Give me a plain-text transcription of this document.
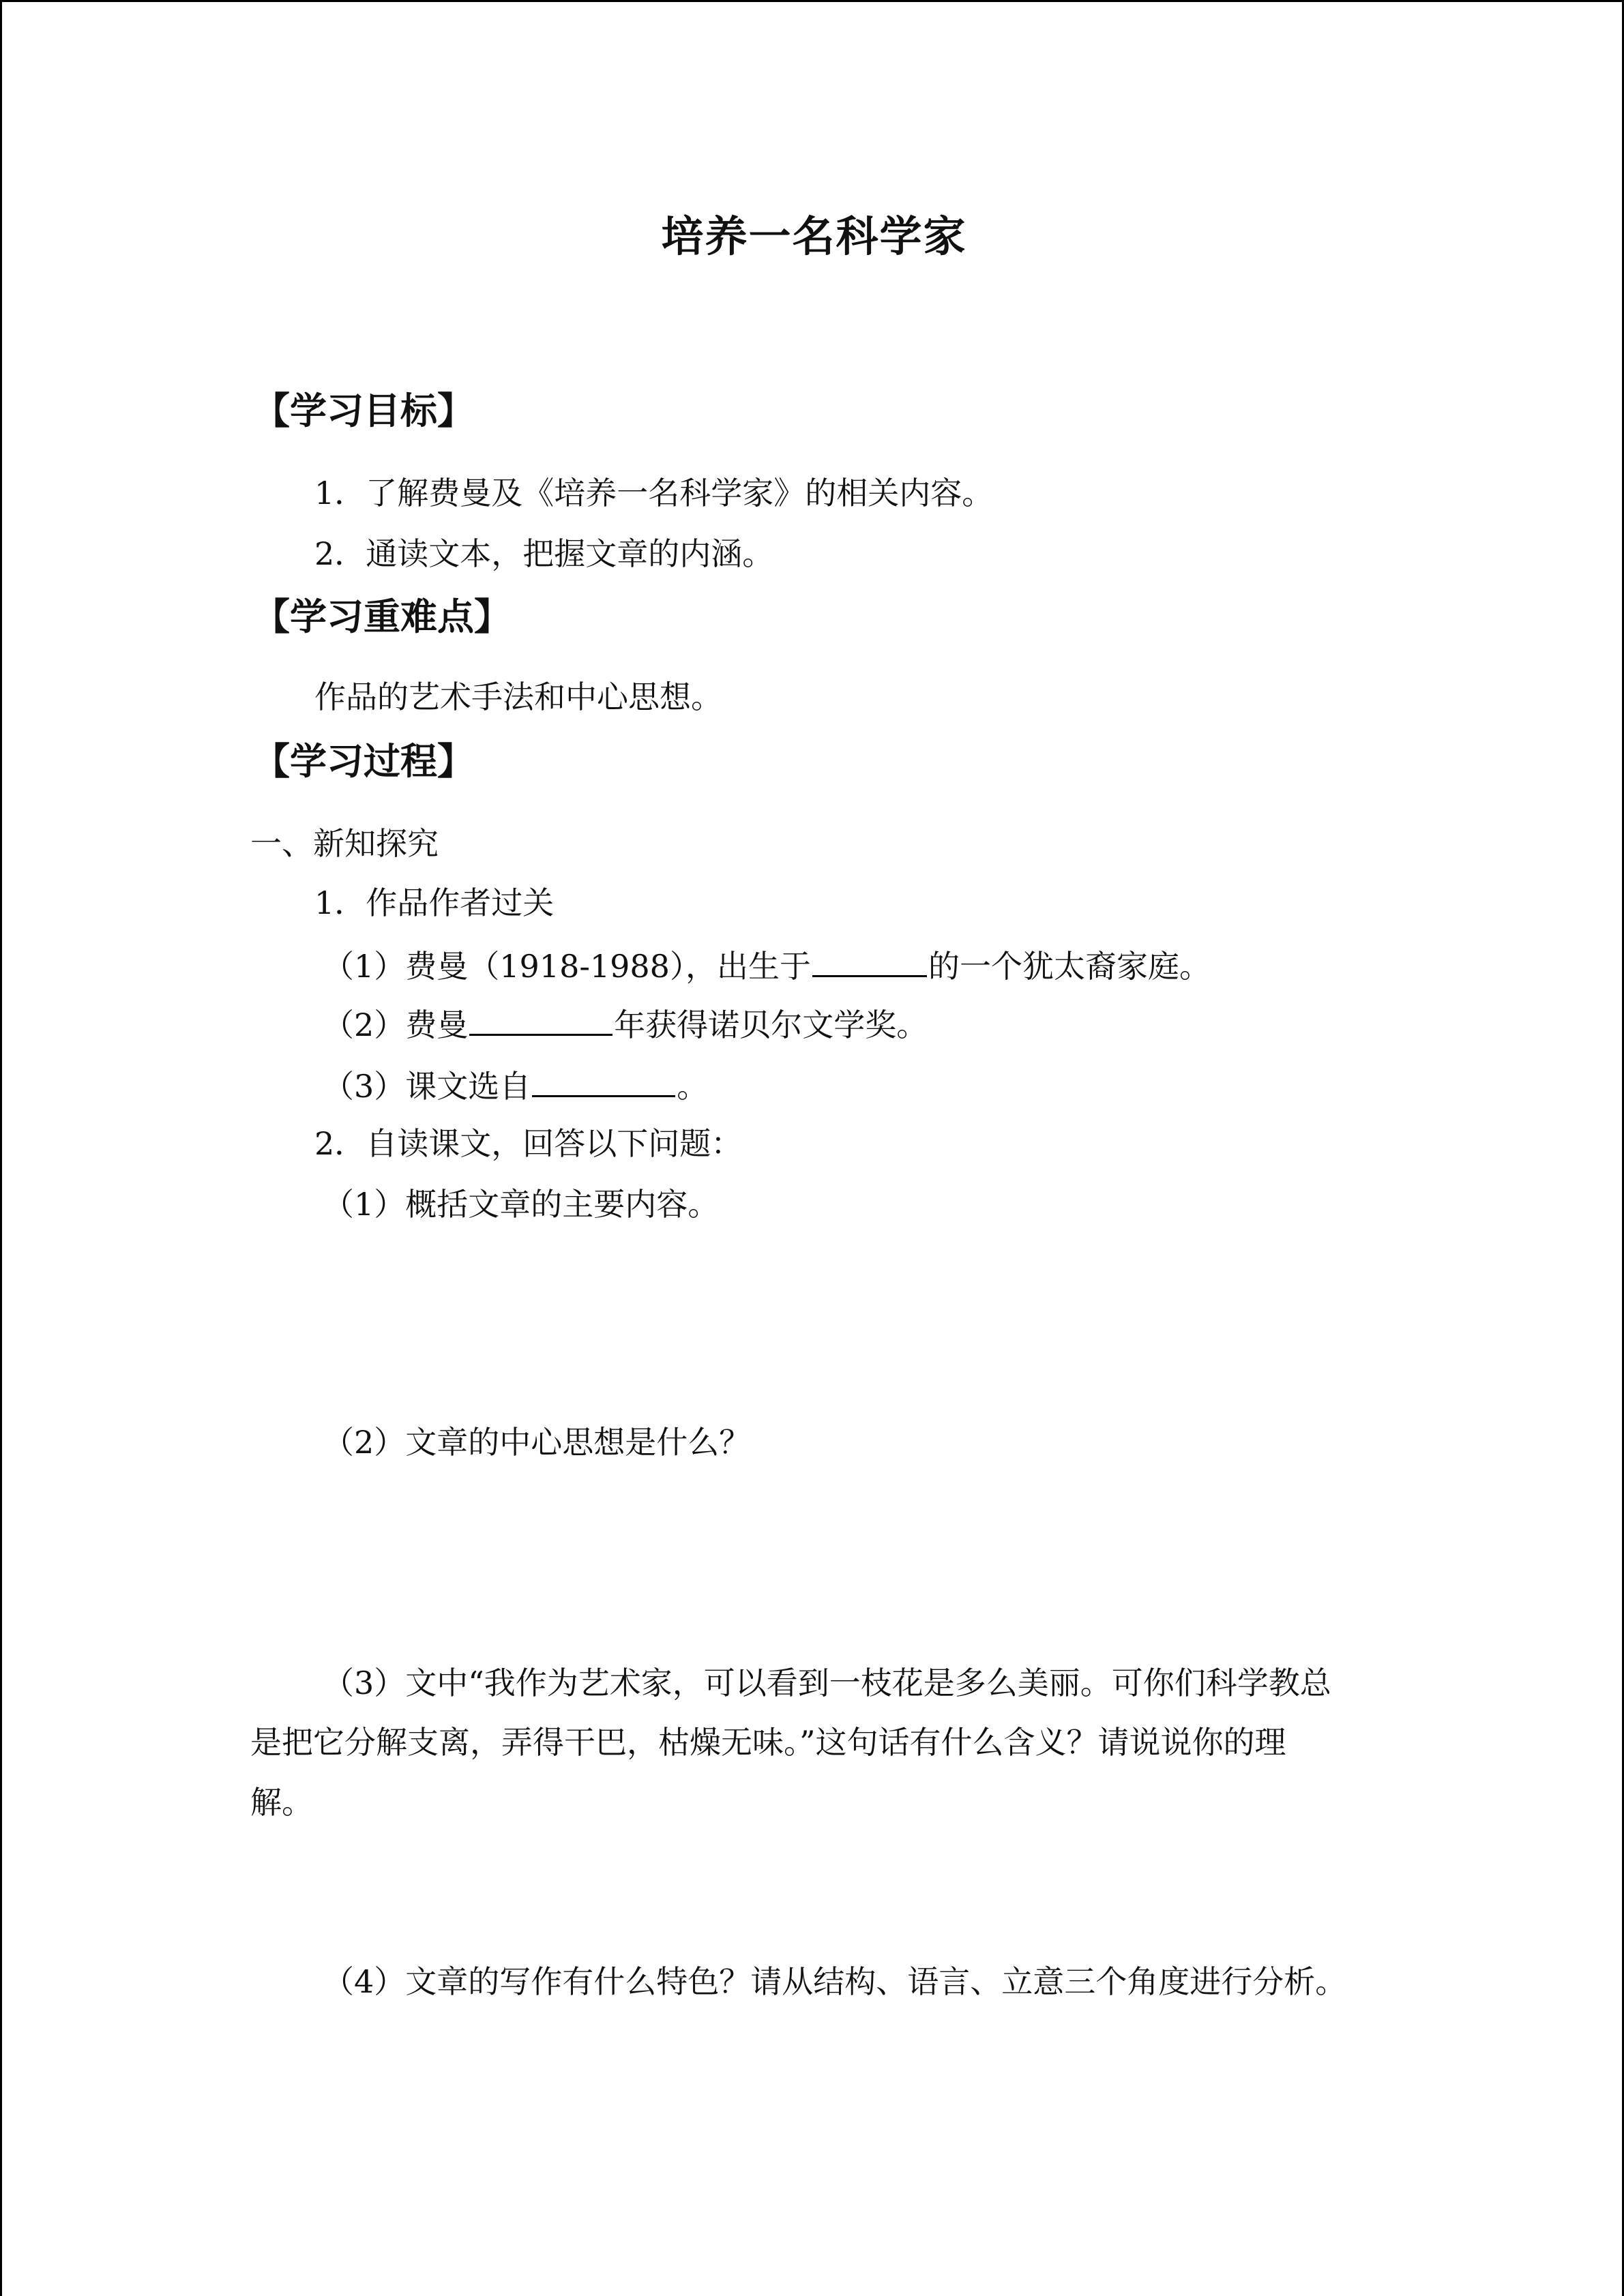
培养一名科学家
【学习目标】
1．了解费曼及《培养一名科学家》的相关内容。
2．通读文本，把握文章的内涵。
【学习重难点】
作品的艺术手法和中心思想。
【学习过程】
一、新知探究
1．作品作者过关
（1）费曼（1918-1988），出生于	的一个犹太裔家庭。
（2）费曼	年获得诺贝尔文学奖。
（3）课文选自	。
2．自读课文，回答以下问题：
（1）概括文章的主要内容。
（2）文章的中心思想是什么？
（3）文中“我作为艺术家，可以看到一枝花是多么美丽。可你们科学教总
是把它分解支离，弄得干巴，枯燥无味。”这句话有什么含义？请说说你的理
解。
（4）文章的写作有什么特色？请从结构、语言、立意三个角度进行分析。
